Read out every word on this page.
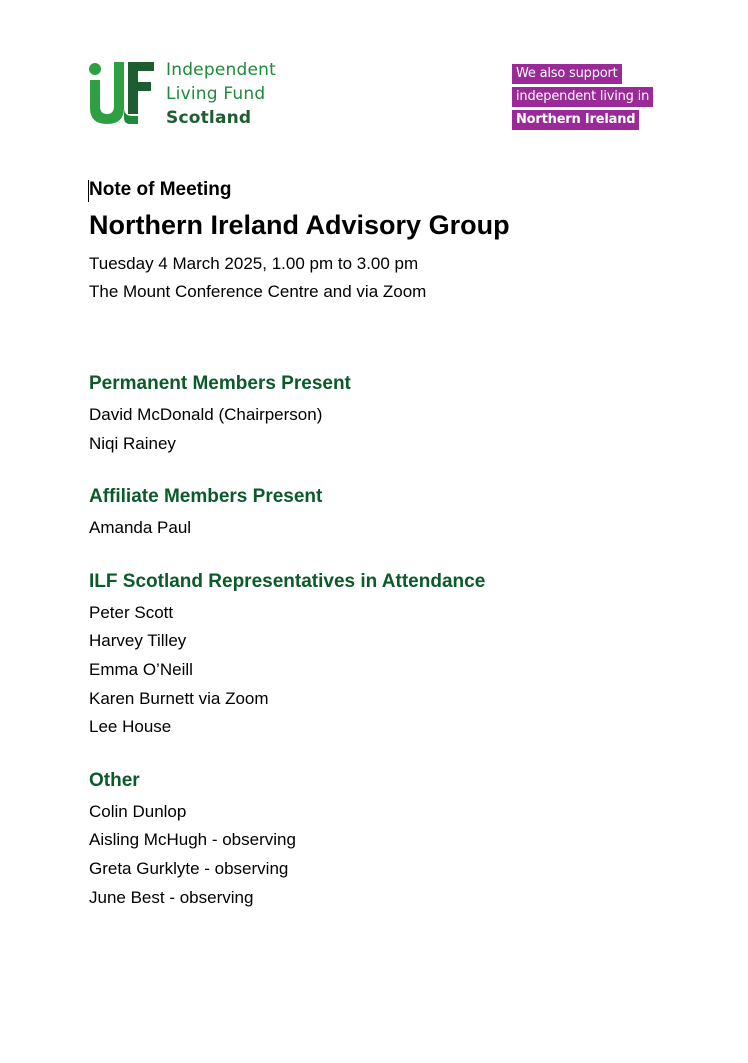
Independent
Living Fund
Scotland
We also support
independent living in
Northern Ireland

Note of Meeting

Northern Ireland Advisory Group

Tuesday 4 March 2025, 1.00 pm to 3.00 pm

The Mount Conference Centre and via Zoom

Permanent Members Present
David McDonald (Chairperson)
Niqi Rainey
Affiliate Members Present
Amanda Paul
ILF Scotland Representatives in Attendance
Peter Scott
Harvey Tilley
Emma O’Neill
Karen Burnett via Zoom
Lee House
Other
Colin Dunlop
Aisling McHugh - observing
Greta Gurklyte - observing
June Best - observing
